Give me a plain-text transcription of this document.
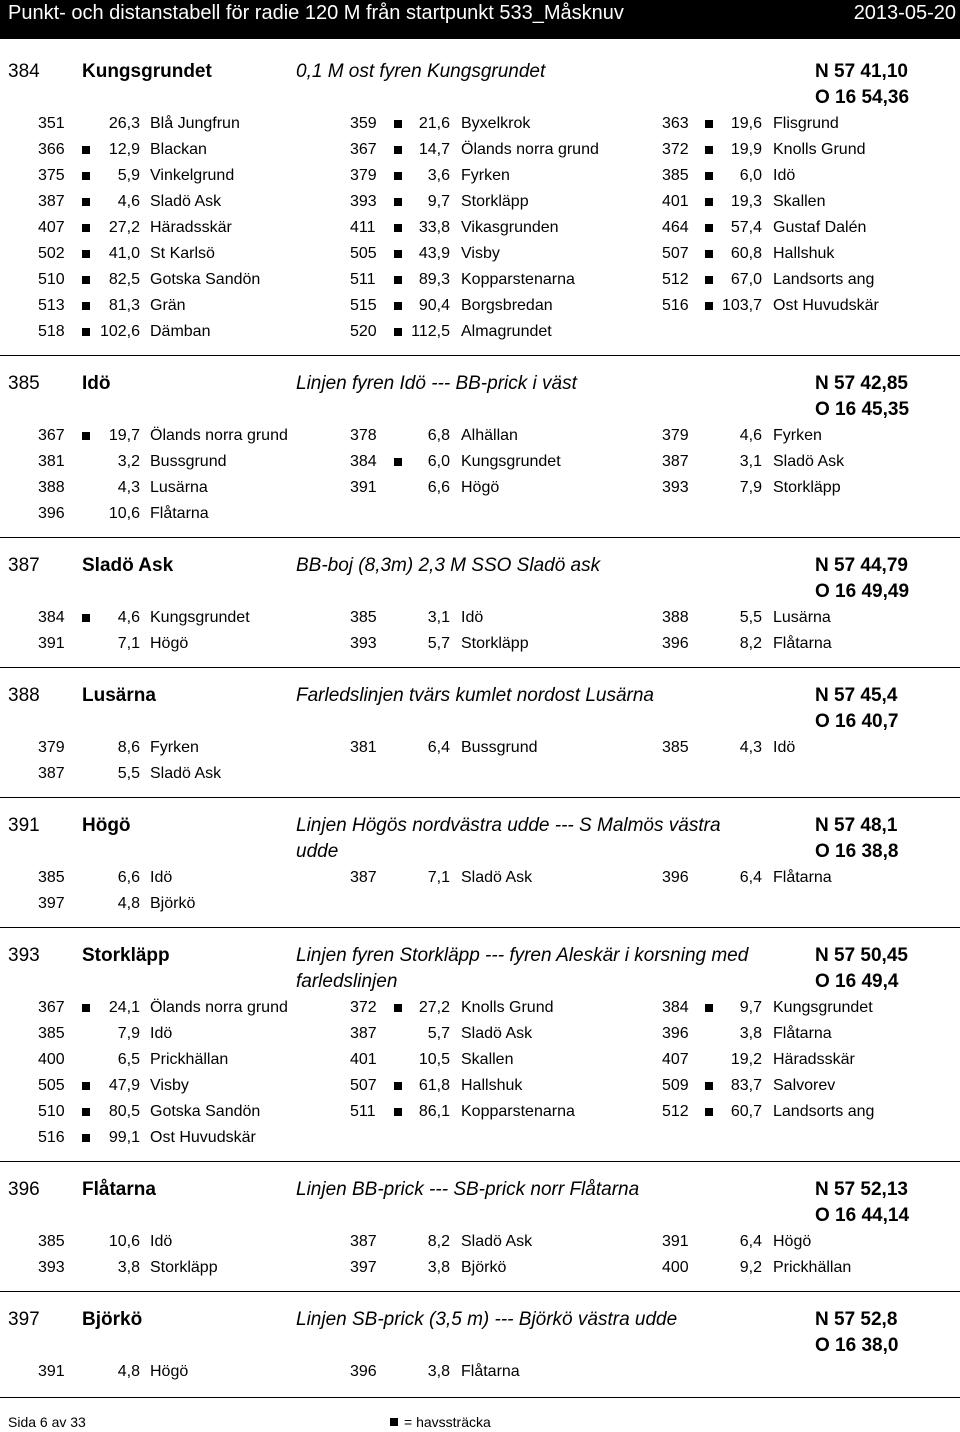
Punkt- och distanstabell för radie 120 M från startpunkt 533_Måsknuv	2013-05-20
384 Kungsgrundet	0,1 M ost fyren Kungsgrundet	N 57 41,10
O 16 54,36
351	26,3 Blå Jungfrun	359	21,6 Byxelkrok	363	19,6 Flisgrund
366	12,9 Blackan	367	14,7 Ölands norra grund	372	19,9 Knolls Grund
375	5,9 Vinkelgrund	379	3,6 Fyrken	385	6,0 Idö
387	4,6 Sladö Ask	393	9,7 Storkläpp	401	19,3 Skallen
407	27,2 Häradsskär	411	33,8 Vikasgrunden	464	57,4 Gustaf Dalén
502	41,0 St Karlsö	505	43,9 Visby	507	60,8 Hallshuk
510	82,5 Gotska Sandön	511	89,3 Kopparstenarna	512	67,0 Landsorts ang
513	81,3 Grän	515	90,4 Borgsbredan	516	103,7 Ost Huvudskär
518	102,6 Dämban	520	112,5 Almagrundet
385 Idö	Linjen fyren Idö --- BB-prick i väst	N 57 42,85
O 16 45,35
367	19,7 Ölands norra grund	378	6,8 Alhällan	379	4,6 Fyrken
381	3,2 Bussgrund	384	6,0 Kungsgrundet	387	3,1 Sladö Ask
388	4,3 Lusärna	391	6,6 Högö	393	7,9 Storkläpp
396	10,6 Flåtarna
387 Sladö Ask	BB-boj (8,3m) 2,3 M SSO Sladö ask	N 57 44,79
O 16 49,49
384	4,6 Kungsgrundet	385	3,1 Idö	388	5,5 Lusärna
391	7,1 Högö	393	5,7 Storkläpp	396	8,2 Flåtarna
388 Lusärna	Farledslinjen tvärs kumlet nordost Lusärna	N 57 45,4
O 16 40,7
379	8,6 Fyrken	381	6,4 Bussgrund	385	4,3 Idö
387	5,5 Sladö Ask
391 Högö	Linjen Högös nordvästra udde --- S Malmös västra udde
N 57 48,1
O 16 38,8
385	6,6 Idö	387	7,1 Sladö Ask	396	6,4 Flåtarna
397	4,8 Björkö
393 Storkläpp	Linjen fyren Storkläpp --- fyren Aleskär i korsning med farledslinjen
N 57 50,45
O 16 49,4
367	24,1 Ölands norra grund	372	27,2 Knolls Grund	384	9,7 Kungsgrundet
385	7,9 Idö	387	5,7 Sladö Ask	396	3,8 Flåtarna
400	6,5 Prickhällan	401	10,5 Skallen	407	19,2 Häradsskär
505	47,9 Visby	507	61,8 Hallshuk	509	83,7 Salvorev
510	80,5 Gotska Sandön	511	86,1 Kopparstenarna	512	60,7 Landsorts ang
516	99,1 Ost Huvudskär
396 Flåtarna	Linjen BB-prick --- SB-prick norr Flåtarna	N 57 52,13
O 16 44,14
385	10,6 Idö	387	8,2 Sladö Ask	391	6,4 Högö
393	3,8 Storkläpp	397	3,8 Björkö	400	9,2 Prickhällan
397 Björkö	Linjen SB-prick (3,5 m) --- Björkö västra udde	N 57 52,8
O 16 38,0
391	4,8 Högö	396	3,8 Flåtarna
Sida 6 av 33	= havssträcka
